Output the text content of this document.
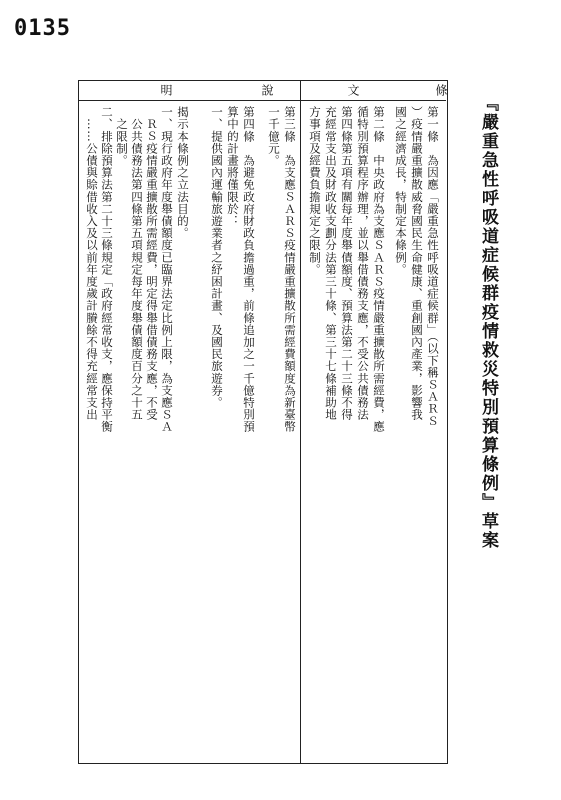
0135
『嚴重急性呼吸道症候群疫情救災特別預算條例』草案
條
文
說
明
第一條　為因應「嚴重急性呼吸道症候群」（以下稱ＳＡＲＳ
）疫情嚴重擴散威脅國民生命健康、重創國內產業，影響我
國之經濟成長，特制定本條例。
第二條　中央政府為支應ＳＡＲＳ疫情嚴重擴散所需經費，應
循特別預算程序辦理，並以舉借債務支應，不受公共債務法
第四條第五項有關每年度舉債額度、預算法第二十三條不得
充經常支出及財政收支劃分法第三十條、第三十七條補助地
方事項及經費負擔規定之限制。
第三條　為支應ＳＡＲＳ疫情嚴重擴散所需經費額度為新臺幣
一千億元。
第四條　為避免政府財政負擔過重，前條追加之一千億特別預
算中的計畫將僅限於：
一、提供國內運輸旅遊業者之紓困計畫、及國民旅遊券。
揭示本條例之立法目的。
一、現行政府年度舉債額度已臨界法定比例上限，為支應ＳＡ
　ＲＳ疫情嚴重擴散所需經費，明定得舉借債務支應，不受
　公共債務法第四條第五項規定每年度舉債額度百分之十五
　之限制。
二、排除預算法第二十三條規定「政府經常收支，應保持平衡
　……公債與賒借收入及以前年度歲計賸餘不得充經常支出
